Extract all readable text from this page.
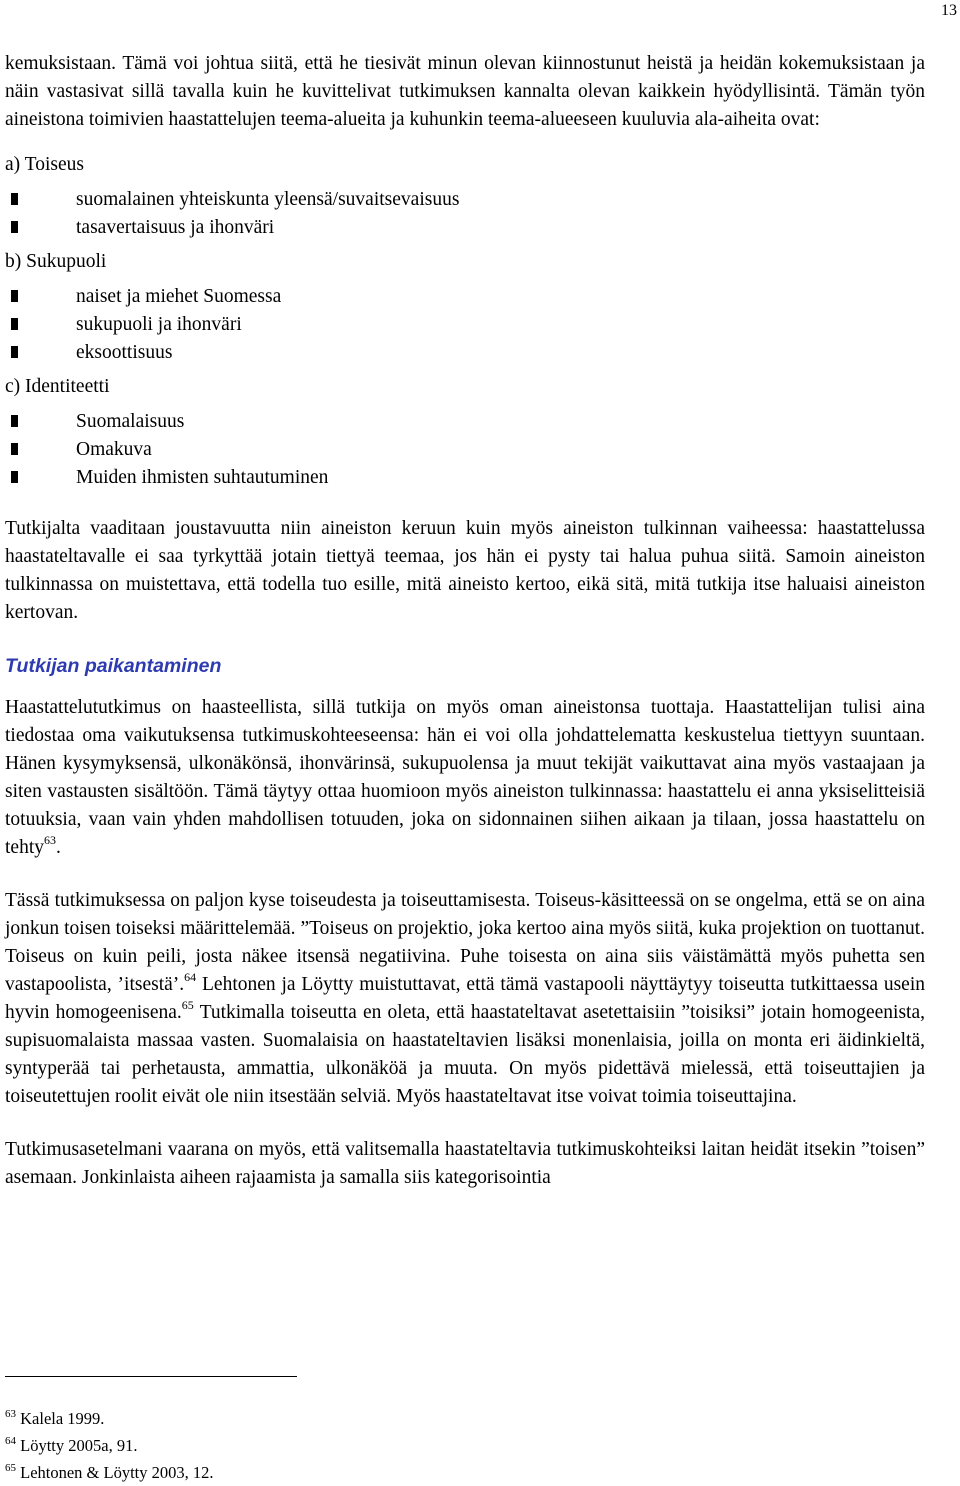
13

kemuksistaan. Tämä voi johtua siitä, että he tiesivät minun olevan kiinnostunut heistä ja heidän kokemuksistaan ja näin vastasivat sillä tavalla kuin he kuvittelivat tutkimuksen kannalta olevan kaikkein hyödyllisintä. Tämän työn aineistona toimivien haastattelujen teema-alueita ja kuhunkin teema-alueeseen kuuluvia ala-aiheita ovat:

a) Toiseus

suomalainen yhteiskunta yleensä/suvaitsevaisuus
tasavertaisuus ja ihonväri

b) Sukupuoli

naiset ja miehet Suomessa
sukupuoli ja ihonväri
eksoottisuus

c) Identiteetti

Suomalaisuus
Omakuva
Muiden ihmisten suhtautuminen

Tutkijalta vaaditaan joustavuutta niin aineiston keruun kuin myös aineiston tulkinnan vaiheessa: haastattelussa haastateltavalle ei saa tyrkyttää jotain tiettyä teemaa, jos hän ei pysty tai halua puhua siitä. Samoin aineiston tulkinnassa on muistettava, että todella tuo esille, mitä aineisto kertoo, eikä sitä, mitä tutkija itse haluaisi aineiston kertovan.

Tutkijan paikantaminen

Haastattelututkimus on haasteellista, sillä tutkija on myös oman aineistonsa tuottaja. Haastattelijan tulisi aina tiedostaa oma vaikutuksensa tutkimuskohteeseensa: hän ei voi olla johdattelematta keskustelua tiettyyn suuntaan. Hänen kysymyksensä, ulkonäkönsä, ihonvärinsä, sukupuolensa ja muut tekijät vaikuttavat aina myös vastaajaan ja siten vastausten sisältöön. Tämä täytyy ottaa huomioon myös aineiston tulkinnassa: haastattelu ei anna yksiselitteisiä totuuksia, vaan vain yhden mahdollisen totuuden, joka on sidonnainen siihen aikaan ja tilaan, jossa haastattelu on tehty$^{63}$.

Tässä tutkimuksessa on paljon kyse toiseudesta ja toiseuttamisesta. Toiseus-käsitteessä on se ongelma, että se on aina jonkun toisen toiseksi määrittelemää. ”Toiseus on projektio, joka kertoo aina myös siitä, kuka projektion on tuottanut. Toiseus on kuin peili, josta näkee itsensä negatiivina. Puhe toisesta on aina siis väistämättä myös puhetta sen vastapoolista, ’itsestä’.$^{64}$ Lehtonen ja Löytty muistuttavat, että tämä vastapooli näyttäytyy toiseutta tutkittaessa usein hyvin homogeenisena.$^{65}$ Tutkimalla toiseutta en oleta, että haastateltavat asetettaisiin ”toisiksi” jotain homogeenista, supisuomalaista massaa vasten. Suomalaisia on haastateltavien lisäksi monenlaisia, joilla on monta eri äidinkieltä, syntyperää tai perhetausta, ammattia, ulkonäköä ja muuta. On myös pidettävä mielessä, että toiseuttajien ja toiseutettujen roolit eivät ole niin itsestään selviä. Myös haastateltavat itse voivat toimia toiseuttajina.

Tutkimusasetelmani vaarana on myös, että valitsemalla haastateltavia tutkimuskohteiksi laitan heidät itsekin ”toisen” asemaan. Jonkinlaista aiheen rajaamista ja samalla siis kategorisointia

$^{63}$ Kalela 1999.
$^{64}$ Löytty 2005a, 91.
$^{65}$ Lehtonen & Löytty 2003, 12.
